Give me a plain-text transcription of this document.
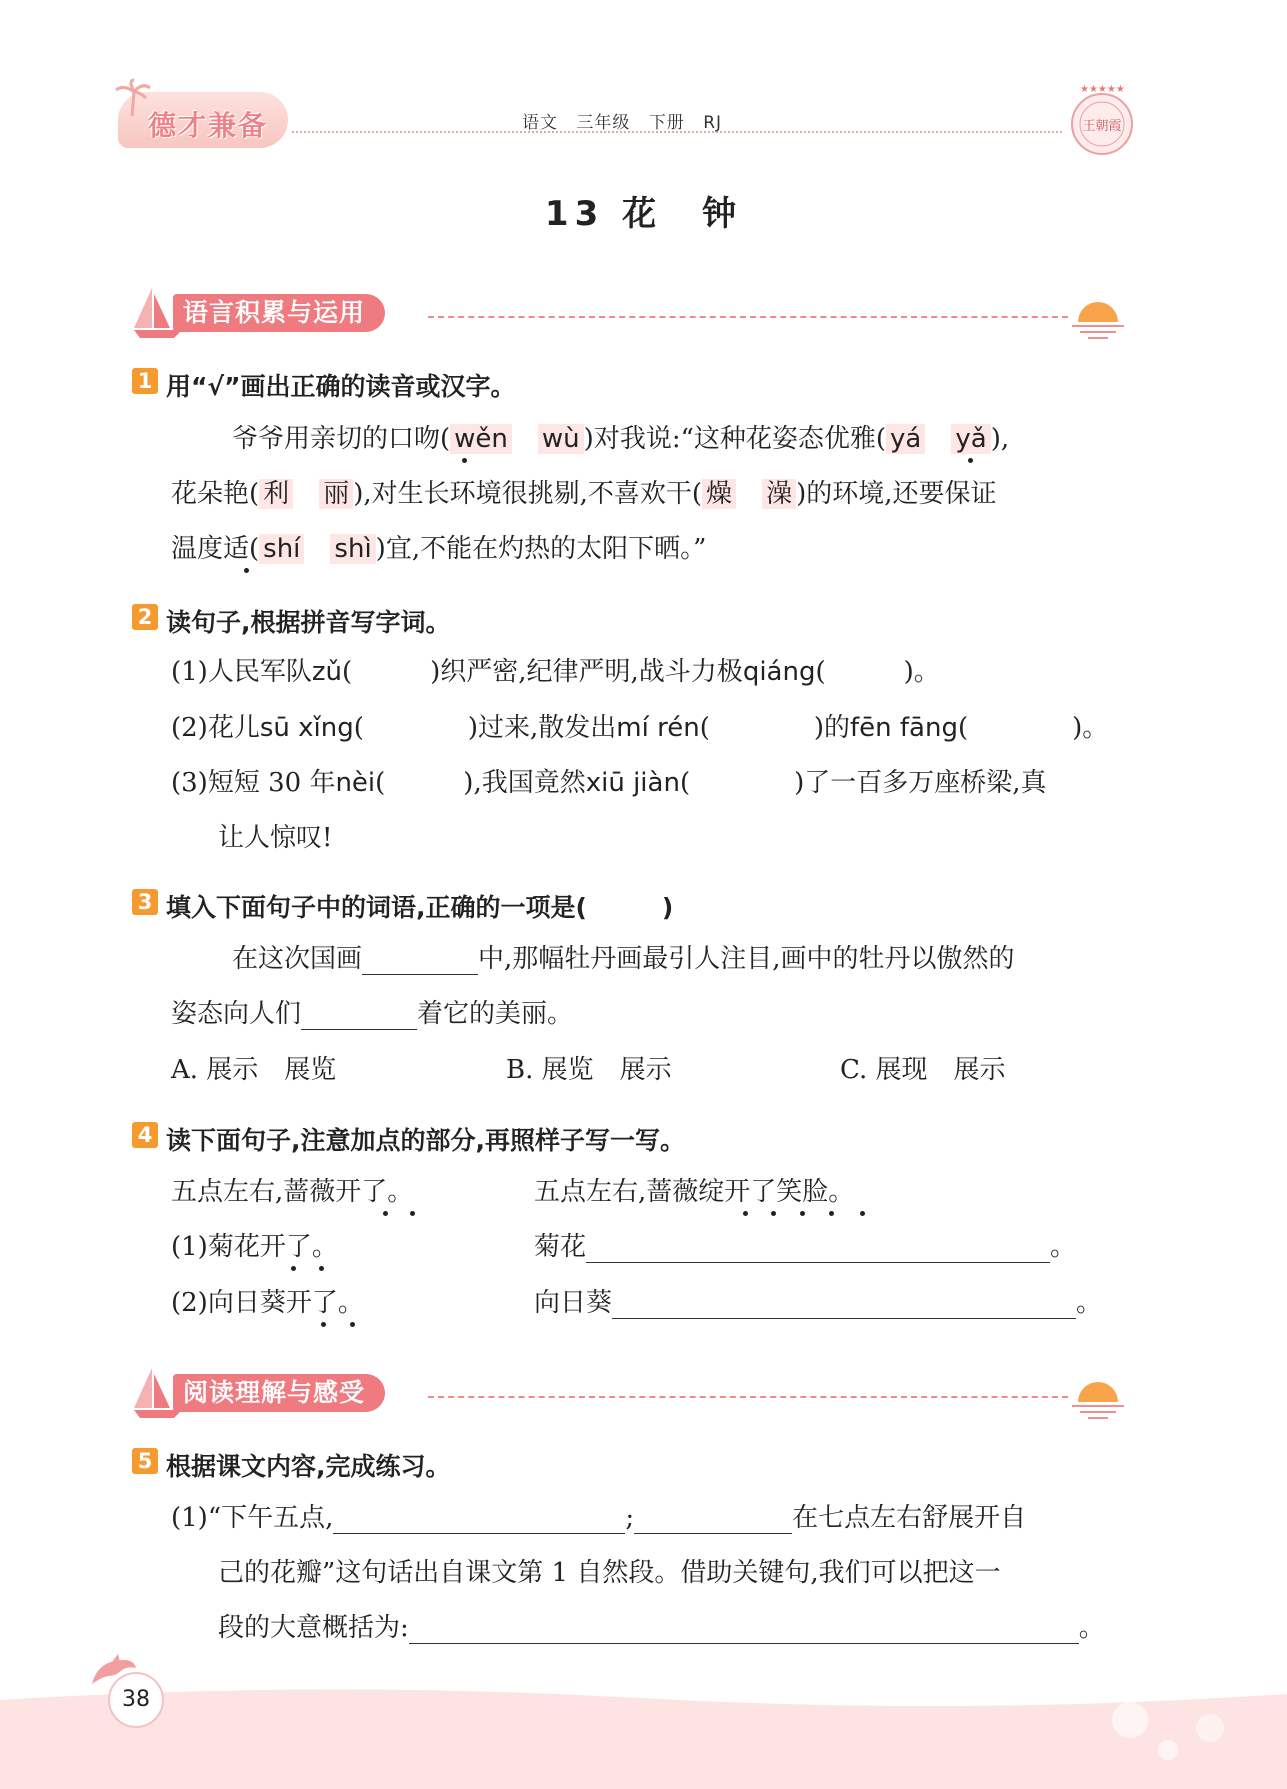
德才兼备	语文 三年级 下册 RJ
★★★★★
王朝霞
13 花　钟
语言积累与运用
1 用“√”画出正确的读音或汉字。
爷爷用亲切的口吻( wěn　 wù )对我说:“这种花姿态优雅( yá　 yǎ ),
花朵艳( 利　 丽 ),对生长环境很挑剔,不喜欢干( 燥　 澡 )的环境,还要保证
温度适( shí　 shì )宜,不能在灼热的太阳下晒。”
2 读句子,根据拼音写字词。
(1)人民军队zǔ(　　　)织严密,纪律严明,战斗力极qiáng(　　　)。
(2)花儿sū xǐng(　　　　)过来,散发出mí rén(　　　　)的fēn fāng(　　　　)。
(3)短短 30 年nèi(　　　),我国竟然xiū jiàn(　　　　)了一百多万座桥梁,真
让人惊叹!
3 填入下面句子中的词语,正确的一项是(　　　)
在这次国画	中,那幅牡丹画最引人注目,画中的牡丹以傲然的
姿态向人们	着它的美丽。
A. 展示　展览	B. 展览　展示	C. 展现　展示
4 读下面句子,注意加点的部分,再照样子写一写。
五点左右,蔷薇开了。	五点左右,蔷薇绽开了笑脸。
(1)菊花开了。	菊花	。
(2)向日葵开了。	向日葵	。
阅读理解与感受
5 根据课文内容,完成练习。
(1)“下午五点,	;	在七点左右舒展开自
己的花瓣”这句话出自课文第 1 自然段。借助关键句,我们可以把这一
段的大意概括为:	。
38
